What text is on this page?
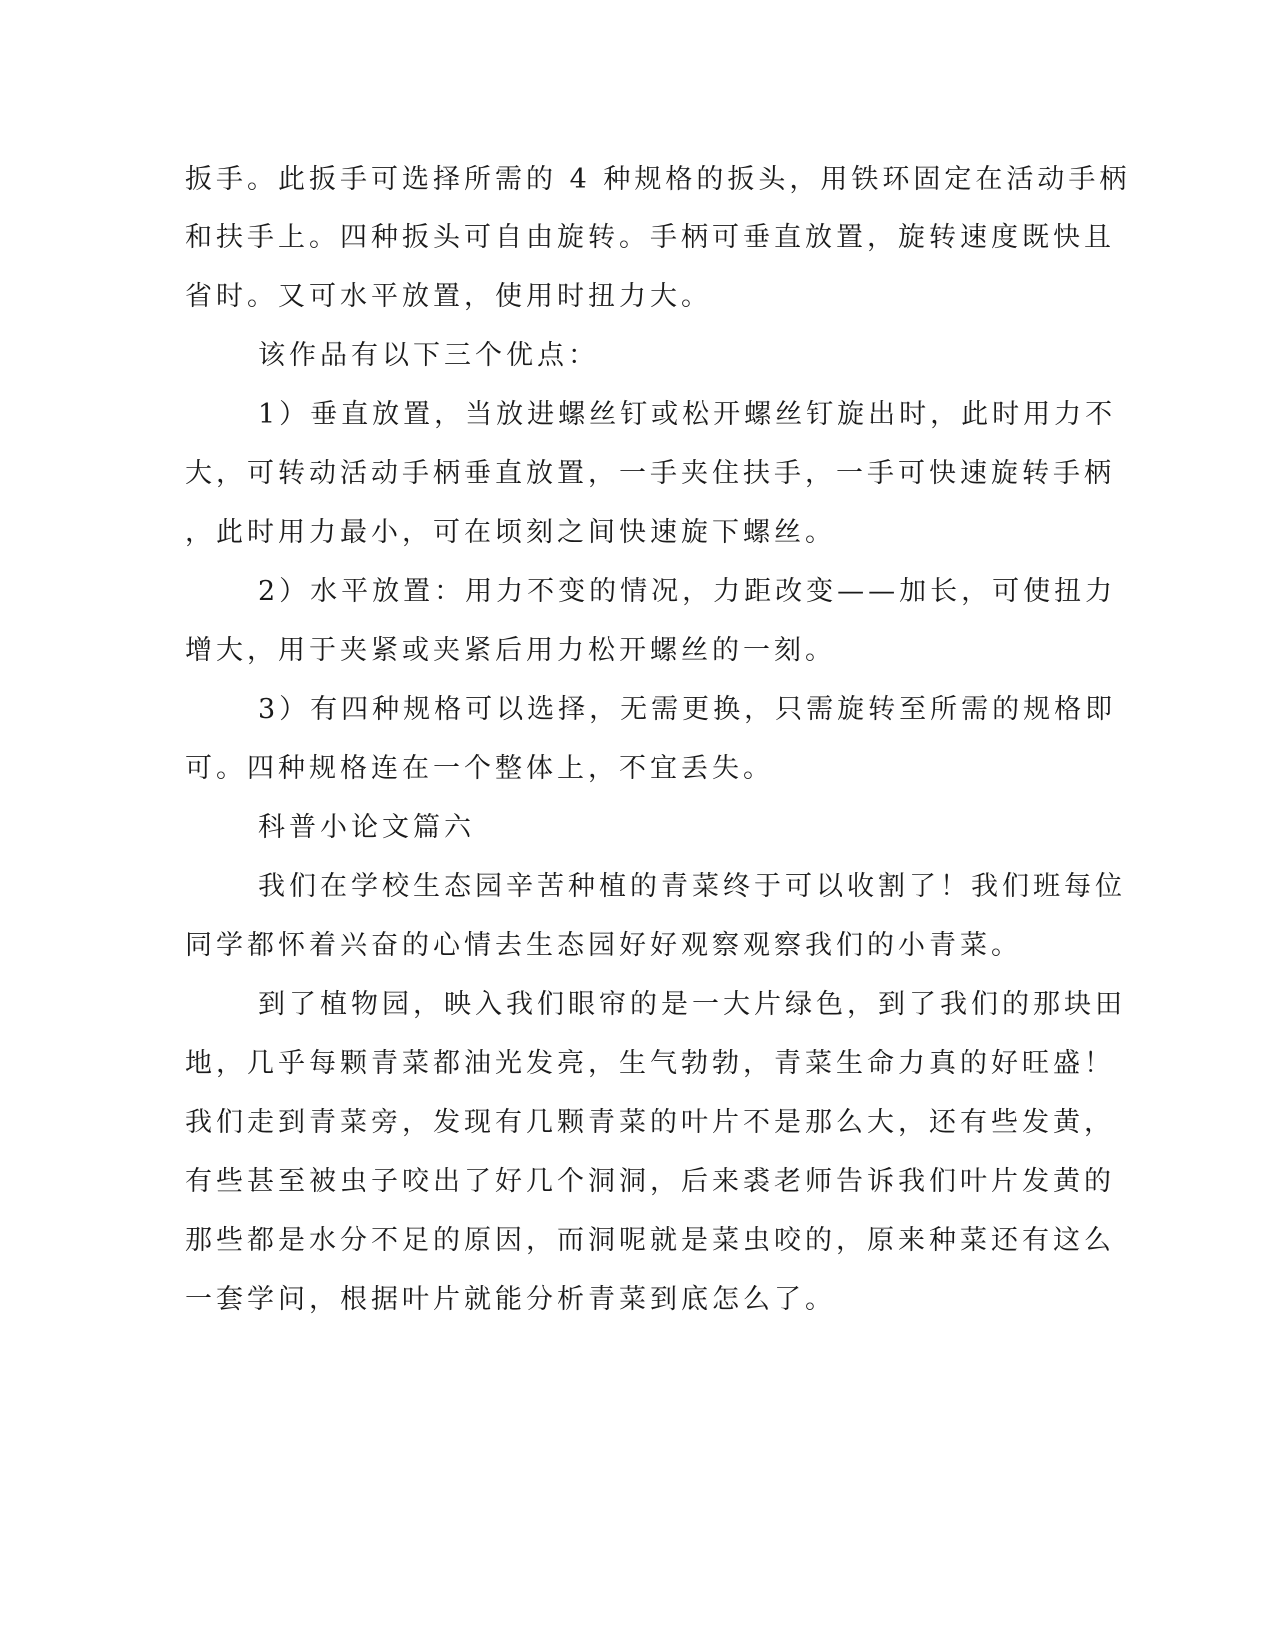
扳手。此扳手可选择所需的 4 种规格的扳头，用铁环固定在活动手柄
和扶手上。四种扳头可自由旋转。手柄可垂直放置，旋转速度既快且
省时。又可水平放置，使用时扭力大。
该作品有以下三个优点：
1）垂直放置，当放进螺丝钉或松开螺丝钉旋出时，此时用力不
大，可转动活动手柄垂直放置，一手夹住扶手，一手可快速旋转手柄
，此时用力最小，可在顷刻之间快速旋下螺丝。
2）水平放置：用力不变的情况，力距改变——加长，可使扭力
增大，用于夹紧或夹紧后用力松开螺丝的一刻。
3）有四种规格可以选择，无需更换，只需旋转至所需的规格即
可。四种规格连在一个整体上，不宜丢失。
科普小论文篇六
我们在学校生态园辛苦种植的青菜终于可以收割了！我们班每位
同学都怀着兴奋的心情去生态园好好观察观察我们的小青菜。
到了植物园，映入我们眼帘的是一大片绿色，到了我们的那块田
地，几乎每颗青菜都油光发亮，生气勃勃，青菜生命力真的好旺盛！
我们走到青菜旁，发现有几颗青菜的叶片不是那么大，还有些发黄，
有些甚至被虫子咬出了好几个洞洞，后来裘老师告诉我们叶片发黄的
那些都是水分不足的原因，而洞呢就是菜虫咬的，原来种菜还有这么
一套学问，根据叶片就能分析青菜到底怎么了。
